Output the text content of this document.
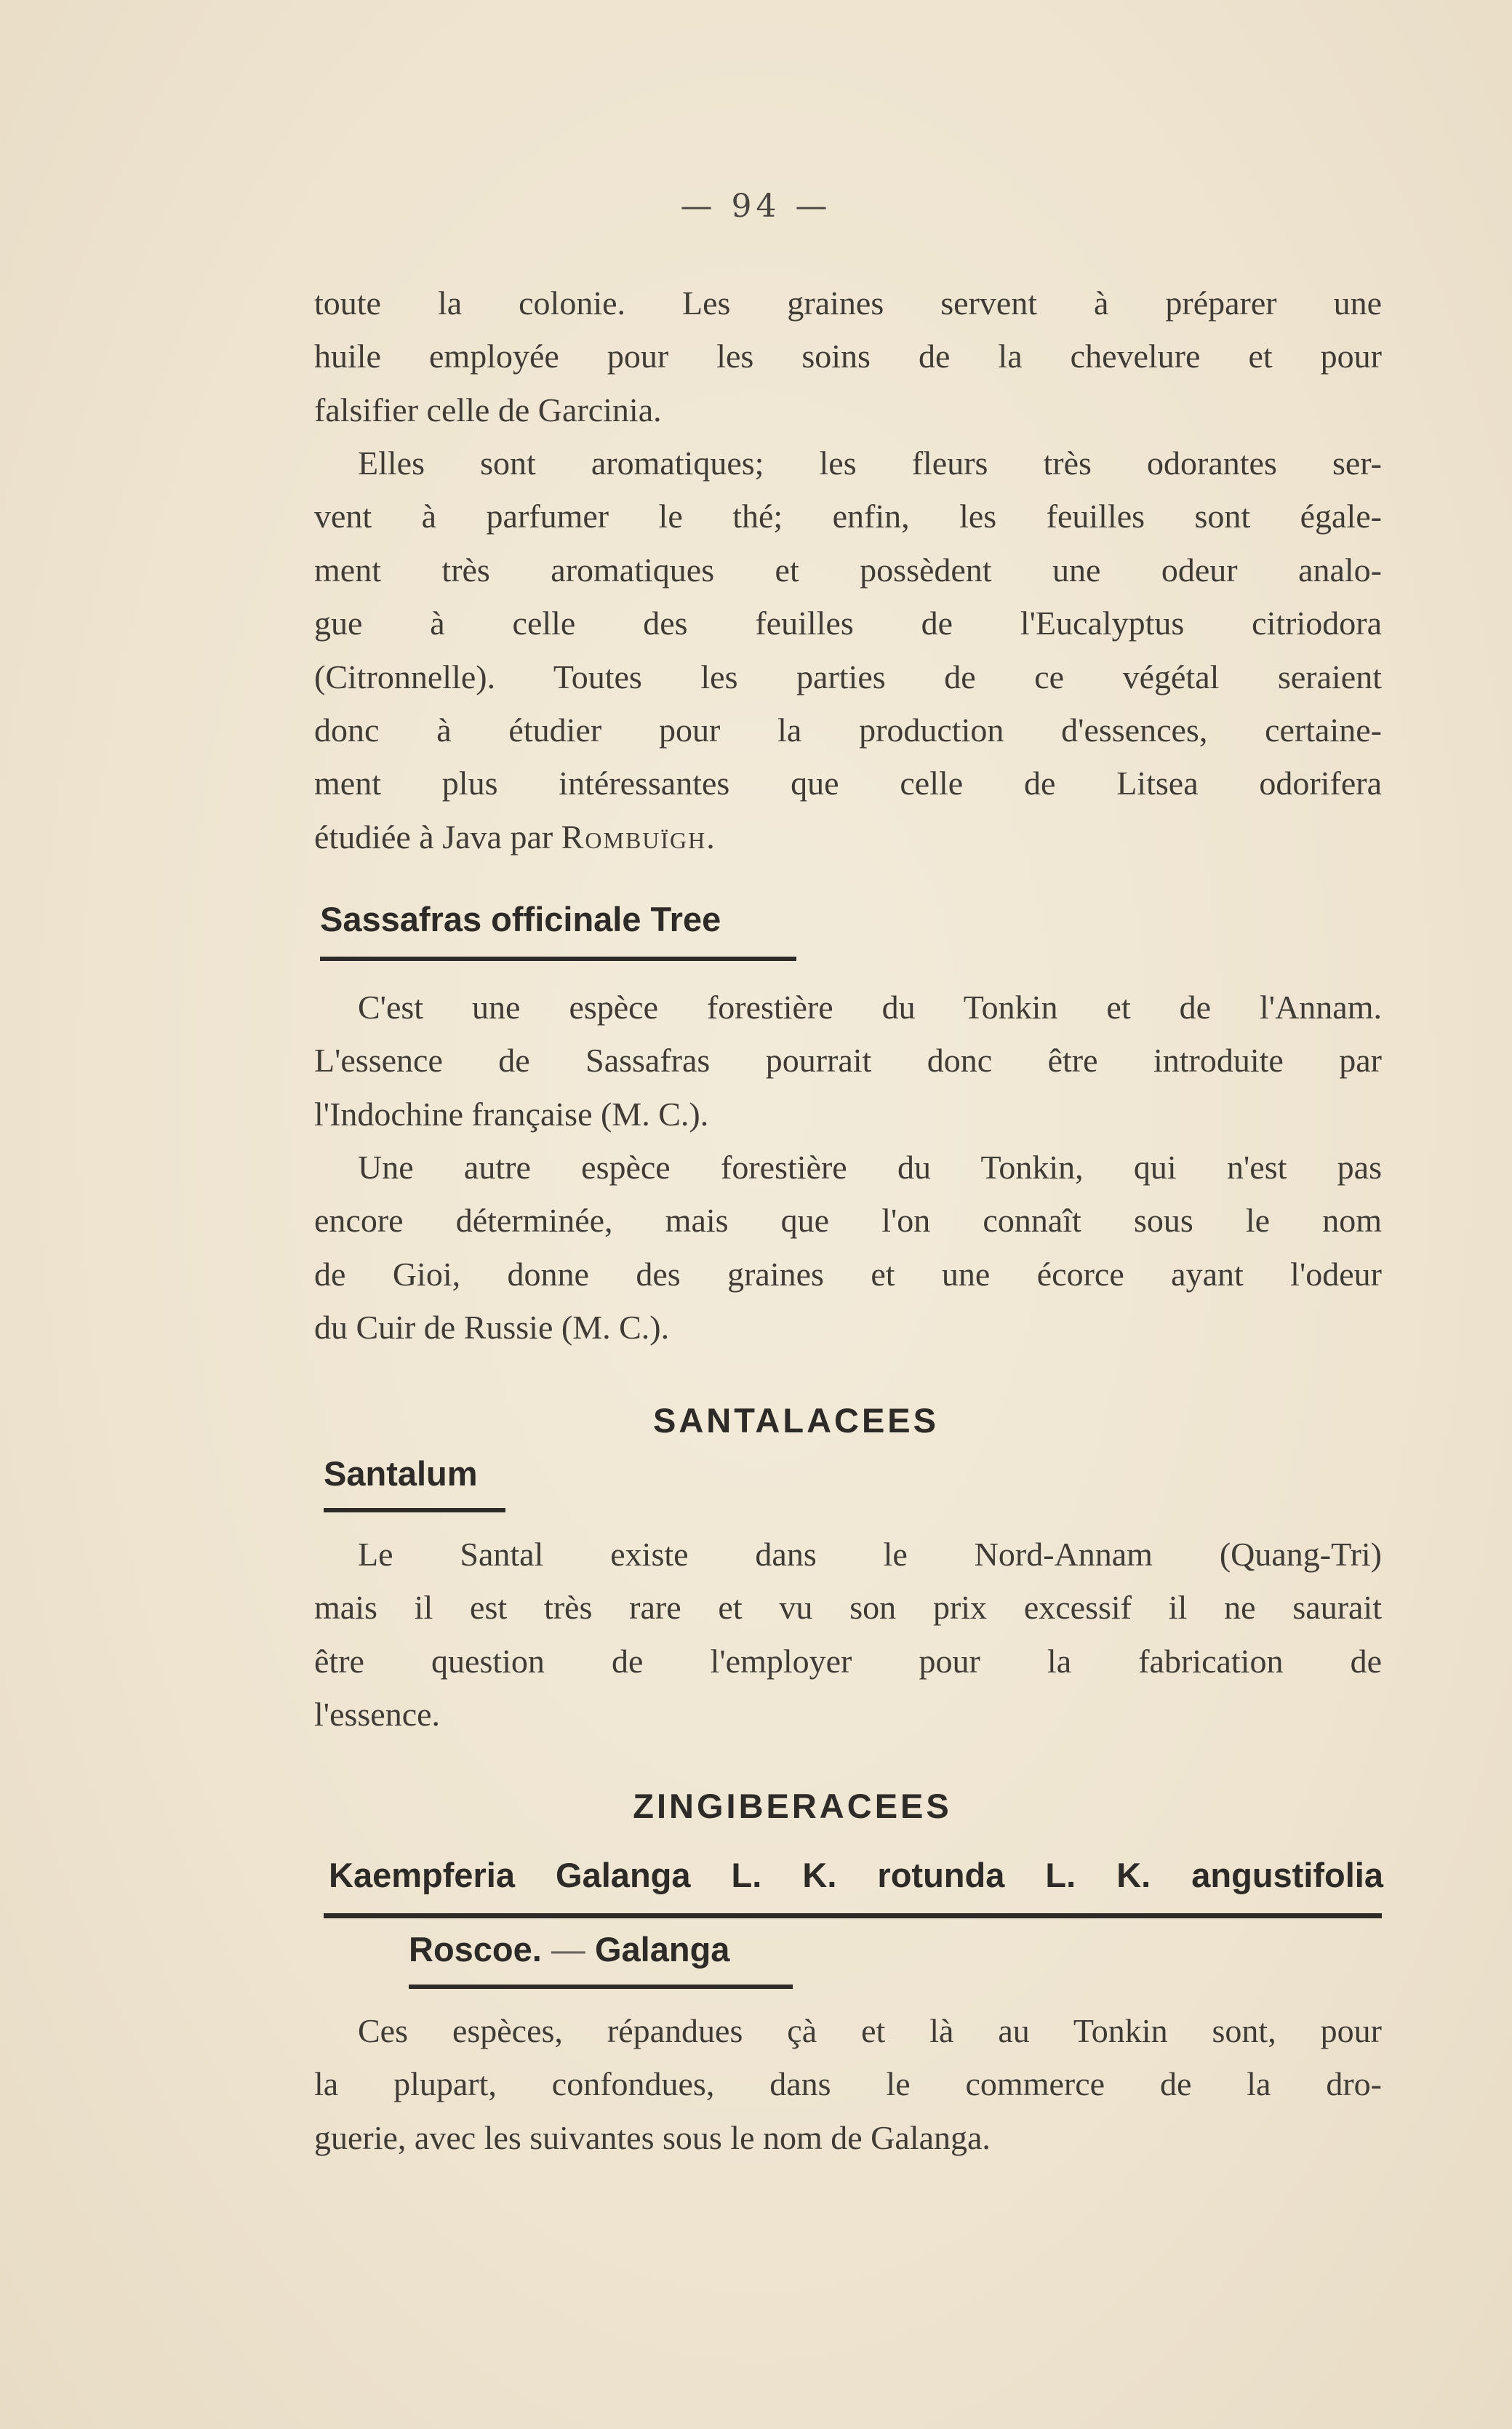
— 94 —

toute la colonie. Les graines servent à préparer une

huile employée pour les soins de la chevelure et pour

falsifier celle de Garcinia.

Elles sont aromatiques; les fleurs très odorantes ser-

vent à parfumer le thé; enfin, les feuilles sont égale-

ment très aromatiques et possèdent une odeur analo-

gue à celle des feuilles de l'Eucalyptus citriodora

(Citronnelle). Toutes les parties de ce végétal seraient

donc à étudier pour la production d'essences, certaine-

ment plus intéressantes que celle de Litsea odorifera

étudiée à Java par Rombuïgh.

Sassafras officinale Tree

C'est une espèce forestière du Tonkin et de l'Annam.

L'essence de Sassafras pourrait donc être introduite par

l'Indochine française (M. C.).

Une autre espèce forestière du Tonkin, qui n'est pas

encore déterminée, mais que l'on connaît sous le nom

de Gioi, donne des graines et une écorce ayant l'odeur

du Cuir de Russie (M. C.).

SANTALACEES
Santalum

Le Santal existe dans le Nord-Annam (Quang-Tri)

mais il est très rare et vu son prix excessif il ne saurait

être question de l'employer pour la fabrication de

l'essence.

ZINGIBERACEES
Kaempferia Galanga L. K. rotunda L. K. angustifolia
Roscoe. — Galanga

Ces espèces, répandues çà et là au Tonkin sont, pour

la plupart, confondues, dans le commerce de la dro-

guerie, avec les suivantes sous le nom de Galanga.
